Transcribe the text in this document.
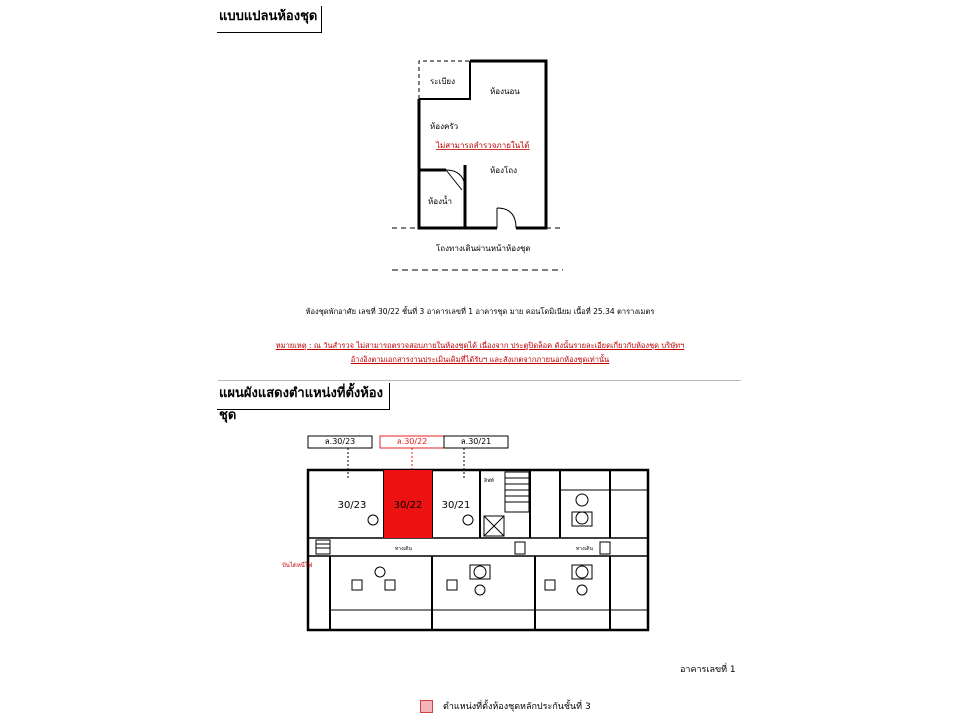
แบบแปลนห้องชุด
ระเบียง
ห้องนอน
ห้องครัว
ไม่สามารถสำรวจภายในได้
ห้องโถง
ห้องน้ำ
โถงทางเดินผ่านหน้าห้องชุด
ล.30/23	ล.30/22	ล.30/21
30/23	30/22 30/21
ทางเดิน	ทางเดิน
ลิฟท์
บันไดหนีไฟ
ห้องชุดพักอาศัย เลขที่ 30/22 ชั้นที่ 3 อาคารเลขที่ 1 อาคารชุด มาย คอนโดมิเนียม เนื้อที่ 25.34 ตารางเมตร
หมายเหตุ : ณ วันสำรวจ ไม่สามารถตรวจสอบภายในห้องชุดได้ เนื่องจาก ประตูปิดล็อค ดังนั้นรายละเอียดเกี่ยวกับห้องชุด บริษัทฯ
อ้างอิงตามเอกสารงานประเมินเดิมที่ได้รับฯ และสังเกตจากภายนอกห้องชุดเท่านั้น
แผนผังแสดงตำแหน่งที่ตั้งห้องชุด
อาคารเลขที่ 1
ตำแหน่งที่ตั้งห้องชุดหลักประกันชั้นที่ 3
